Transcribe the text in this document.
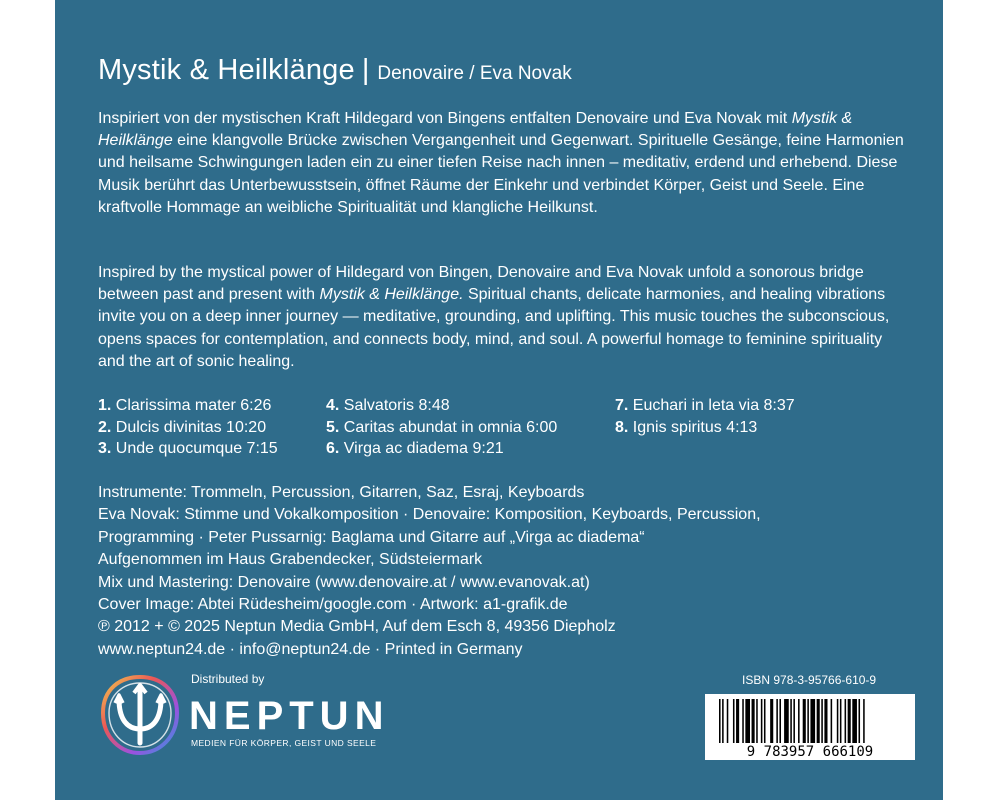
Mystik & Heilklänge | Denovaire / Eva Novak

Inspiriert von der mystischen Kraft Hildegard von Bingens entfalten Denovaire und Eva Novak mit Mystik & Heilklänge eine klangvolle Brücke zwischen Vergangenheit und Gegenwart. Spirituelle Gesänge, feine Harmonien und heilsame Schwingungen laden ein zu einer tiefen Reise nach innen – meditativ, erdend und erhebend. Diese Musik berührt das Unterbewusstsein, öffnet Räume der Einkehr und verbindet Körper, Geist und Seele. Eine kraftvolle Hommage an weibliche Spiritualität und klangliche Heilkunst.

Inspired by the mystical power of Hildegard von Bingen, Denovaire and Eva Novak unfold a sonorous bridge between past and present with Mystik & Heilklänge. Spiritual chants, delicate harmonies, and healing vibrations invite you on a deep inner journey — meditative, grounding, and uplifting. This music touches the subconscious, opens spaces for contemplation, and connects body, mind, and soul. A powerful homage to feminine spirituality and the art of sonic healing.

1. Clarissima mater 6:26
2. Dulcis divinitas 10:20
3. Unde quocumque 7:15
4. Salvatoris 8:48
5. Caritas abundat in omnia 6:00
6. Virga ac diadema 9:21
7. Euchari in leta via 8:37
8. Ignis spiritus 4:13
Instrumente: Trommeln, Percussion, Gitarren, Saz, Esraj, Keyboards
Eva Novak: Stimme und Vokalkomposition · Denovaire: Komposition, Keyboards, Percussion,
Programming · Peter Pussarnig: Baglama und Gitarre auf „Virga ac diadema“
Aufgenommen im Haus Grabendecker, Südsteiermark
Mix und Mastering: Denovaire (www.denovaire.at / www.evanovak.at)
Cover Image: Abtei Rüdesheim/google.com · Artwork: a1-grafik.de
℗ 2012 + © 2025 Neptun Media GmbH, Auf dem Esch 8, 49356 Diepholz
www.neptun24.de · info@neptun24.de · Printed in Germany
Distributed by
NEPTUN
MEDIEN FÜR KÖRPER, GEIST UND SEELE
ISBN 978-3-95766-610-9
9 783957 666109
